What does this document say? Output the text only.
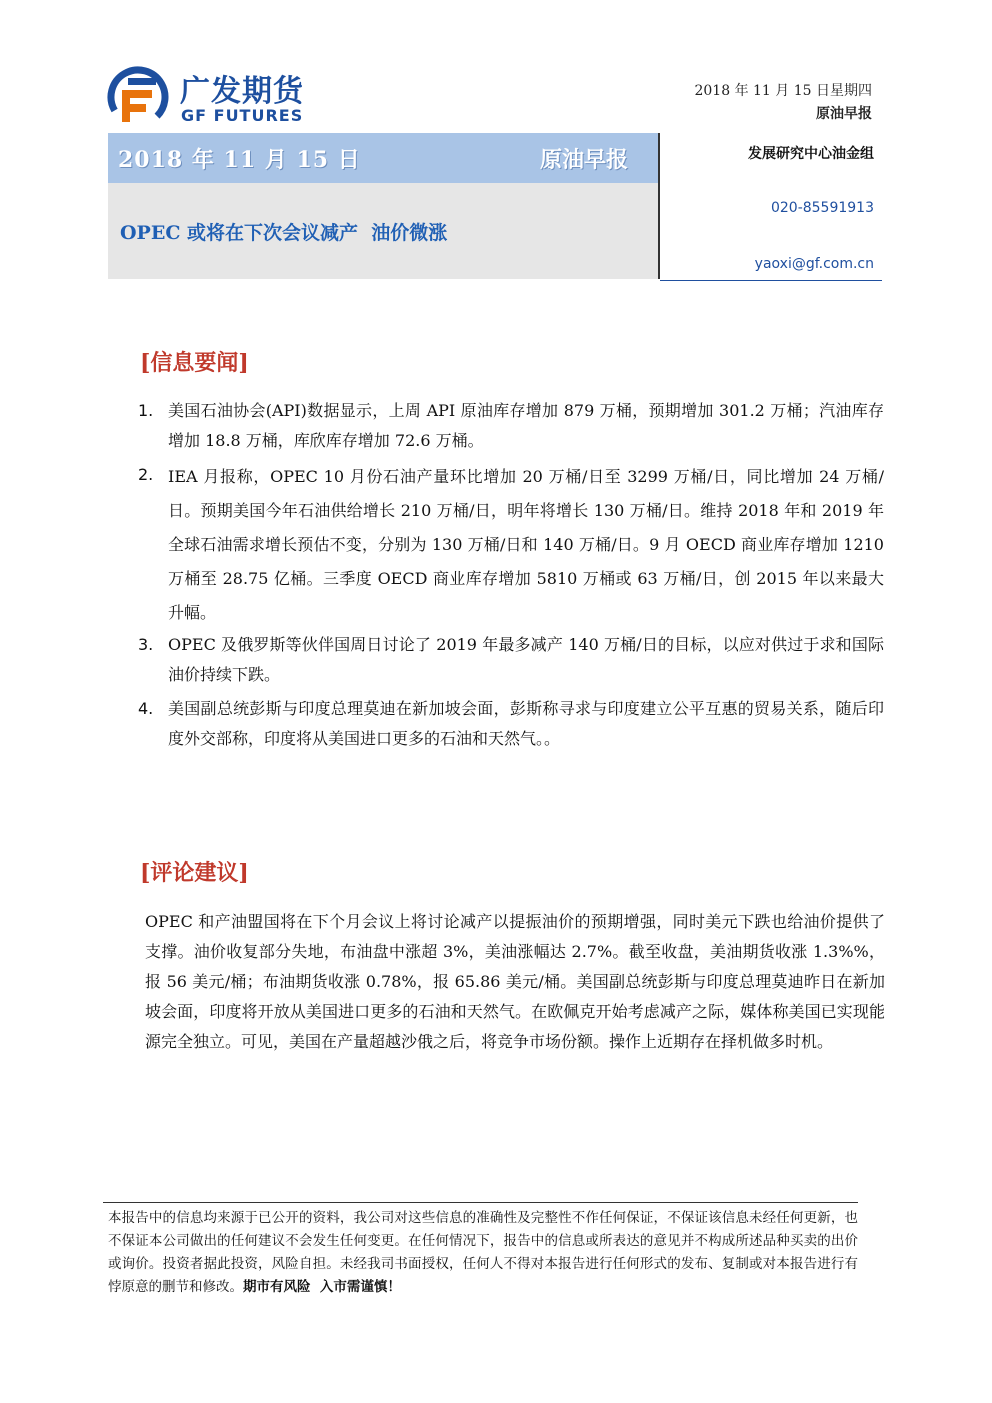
广发期货
GF FUTURES
2018 年 11 月 15 日星期四
原油早报
2018 年 11 月 15 日	原油早报
OPEC 或将在下次会议减产  油价微涨
发展研究中心油金组
020-85591913
yaoxi@gf.com.cn
[信息要闻]
1. 美国石油协会(API)数据显示，上周 API 原油库存增加 879 万桶，预期增加 301.2 万桶；汽油库存增加 18.8 万桶，库欣库存增加 72.6 万桶。
2. IEA 月报称，OPEC 10 月份石油产量环比增加 20 万桶/日至 3299 万桶/日，同比增加 24 万桶/日。预期美国今年石油供给增长 210 万桶/日，明年将增长 130 万桶/日。维持 2018 年和 2019 年全球石油需求增长预估不变，分别为 130 万桶/日和 140 万桶/日。9 月 OECD 商业库存增加 1210 万桶至 28.75 亿桶。三季度 OECD 商业库存增加 5810 万桶或 63 万桶/日，创 2015 年以来最大升幅。
3. OPEC 及俄罗斯等伙伴国周日讨论了 2019 年最多减产 140 万桶/日的目标，以应对供过于求和国际油价持续下跌。
4. 美国副总统彭斯与印度总理莫迪在新加坡会面，彭斯称寻求与印度建立公平互惠的贸易关系，随后印度外交部称，印度将从美国进口更多的石油和天然气。。
[评论建议]
OPEC 和产油盟国将在下个月会议上将讨论减产以提振油价的预期增强，同时美元下跌也给油价提供了支撑。油价收复部分失地，布油盘中涨超 3%，美油涨幅达 2.7%。截至收盘，美油期货收涨 1.3%%，报 56 美元/桶；布油期货收涨 0.78%，报 65.86 美元/桶。美国副总统彭斯与印度总理莫迪昨日在新加坡会面，印度将开放从美国进口更多的石油和天然气。在欧佩克开始考虑减产之际，媒体称美国已实现能源完全独立。可见，美国在产量超越沙俄之后，将竞争市场份额。操作上近期存在择机做多时机。
本报告中的信息均来源于已公开的资料，我公司对这些信息的准确性及完整性不作任何保证，不保证该信息未经任何更新，也不保证本公司做出的任何建议不会发生任何变更。在任何情况下，报告中的信息或所表达的意见并不构成所述品种买卖的出价或询价。投资者据此投资，风险自担。未经我司书面授权，任何人不得对本报告进行任何形式的发布、复制或对本报告进行有悖原意的删节和修改。期市有风险  入市需谨慎！
